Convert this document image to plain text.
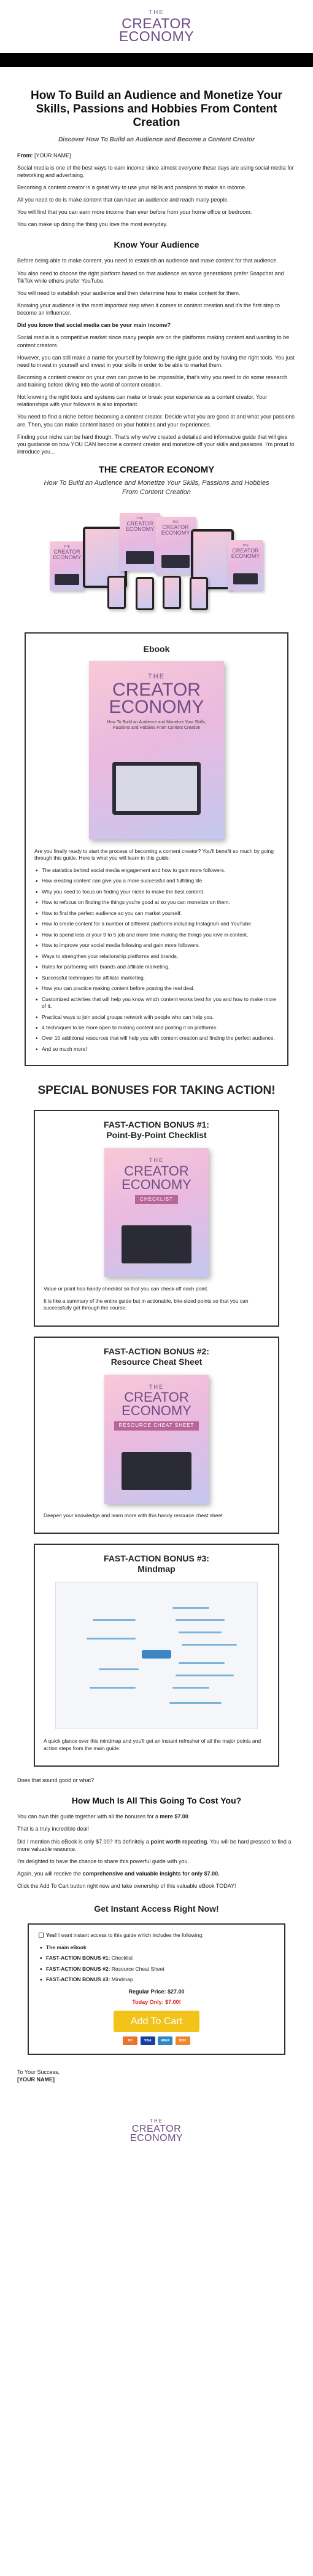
THE
CREATOR
ECONOMY
How To Build an Audience and Monetize Your Skills, Passions and Hobbies From Content Creation
Discover How To Build an Audience and Become a Content Creator

From: [YOUR NAME]

Social media is one of the best ways to earn income since almost everyone these days are using social media for networking and advertising.

Becoming a content creator is a great way to use your skills and passions to make an income.

All you need to do is make content that can have an audience and reach many people.

You will find that you can earn more income than ever before from your home office or bedroom.

You can make up doing the thing you love the most everyday.

Know Your Audience

Before being able to make content, you need to establish an audience and make content for that audience.

You also need to choose the right platform based on that audience as some generations prefer Snapchat and TikTok while others prefer YouTube.

You will need to establish your audience and then determine how to make content for them.

Knowing your audience is the most important step when it comes to content creation and it's the first step to become an influencer.

Did you know that social media can be your main income?

Social media is a competitive market since many people are on the platforms making content and wanting to be content creators.

However, you can still make a name for yourself by following the right guide and by having the right tools. You just need to invest in yourself and invest in your skills in order to be able to market them.

Becoming a content creator on your own can prove to be impossible, that's why you need to do some research and training before diving into the world of content creation.

Not knowing the right tools and systems can make or break your experience as a content creator. Your relationships with your followers is also important.

You need to find a niche before becoming a content creator. Decide what you are good at and what your passions are. Then, you can make content based on your hobbies and your experiences.

Finding your niche can be hard though. That's why we've created a detailed and informative guide that will give you guidance on how YOU CAN become a content creator and monetize off your skills and passions. I'm proud to introduce you...

THE CREATOR ECONOMY
How To Build an Audience and Monetize Your Skills, Passions and Hobbies From Content Creation
THE
CREATOR
ECONOMY
THE
CREATOR
ECONOMY
THE
CREATOR
ECONOMY
THE
CREATOR
ECONOMY
Ebook
THE
CREATOR
ECONOMY
How To Build an Audience and Monetize Your Skills, Passions and Hobbies From Content Creation

Are you finally ready to start the process of becoming a content creator? You'll benefit so much by going through this guide. Here is what you will learn in this guide:

• The statistics behind social media engagement and how to gain more followers.
• How creating content can give you a more successful and fulfilling life.
• Why you need to focus on finding your niche to make the best content.
• How to refocus on finding the things you're good at so you can monetize on them.
• How to find the perfect audience so you can market yourself.
• How to create content for a number of different platforms including Instagram and YouTube.
• How to spend less at your 9 to 5 job and more time making the things you love in content.
• How to improve your social media following and gain more followers.
• Ways to strengthen your relationship platforms and brands.
• Rules for partnering with brands and affiliate marketing.
• Successful techniques for affiliate marketing.
• How you can practice making content before posting the real deal.
• Customized activities that will help you know which content works best for you and how to make more of it.
• Practical ways to join social groups network with people who can help you.
• 4 techniques to be more open to making content and posting it on platforms.
• Over 10 additional resources that will help you with content creation and finding the perfect audience.
• And so much more!
SPECIAL BONUSES FOR TAKING ACTION!
FAST-ACTION BONUS #1:
Point-By-Point Checklist
THE
CREATOR
ECONOMY
CHECKLIST

Value or point has handy checklist so that you can check off each point.

It is like a summary of the entire guide but in actionable, bite-sized points so that you can successfully get through the course.

FAST-ACTION BONUS #2:
Resource Cheat Sheet
THE
CREATOR
ECONOMY
RESOURCE CHEAT SHEET

Deepen your knowledge and learn more with this handy resource cheat sheet.

FAST-ACTION BONUS #3:
Mindmap

A quick glance over this mindmap and you'll get an instant refresher of all the major points and action steps from the main guide.

Does that sound good or what?

How Much Is All This Going To Cost You?

You can own this guide together with all the bonuses for a mere $7.00

That is a truly incredible deal!

Did I mention this eBook is only $7.00? It's definitely a point worth repeating. You will be hard pressed to find a more valuable resource.

I'm delighted to have the chance to share this powerful guide with you.

Again, you will receive the comprehensive and valuable insights for only $7.00.

Click the Add To Cart button right now and take ownership of this valuable eBook TODAY!

Get Instant Access Right Now!

Yes! I want instant access to this guide which includes the following:

• The main eBook
• FAST-ACTION BONUS #1: Checklist
• FAST-ACTION BONUS #2: Resource Cheat Sheet
• FAST-ACTION BONUS #3: Mindmap
Regular Price: $27.00
Today Only: $7.00!
Add To Cart
MC	VISA	AMEX	DISC
To Your Success,
[YOUR NAME]
THE
CREATOR
ECONOMY
